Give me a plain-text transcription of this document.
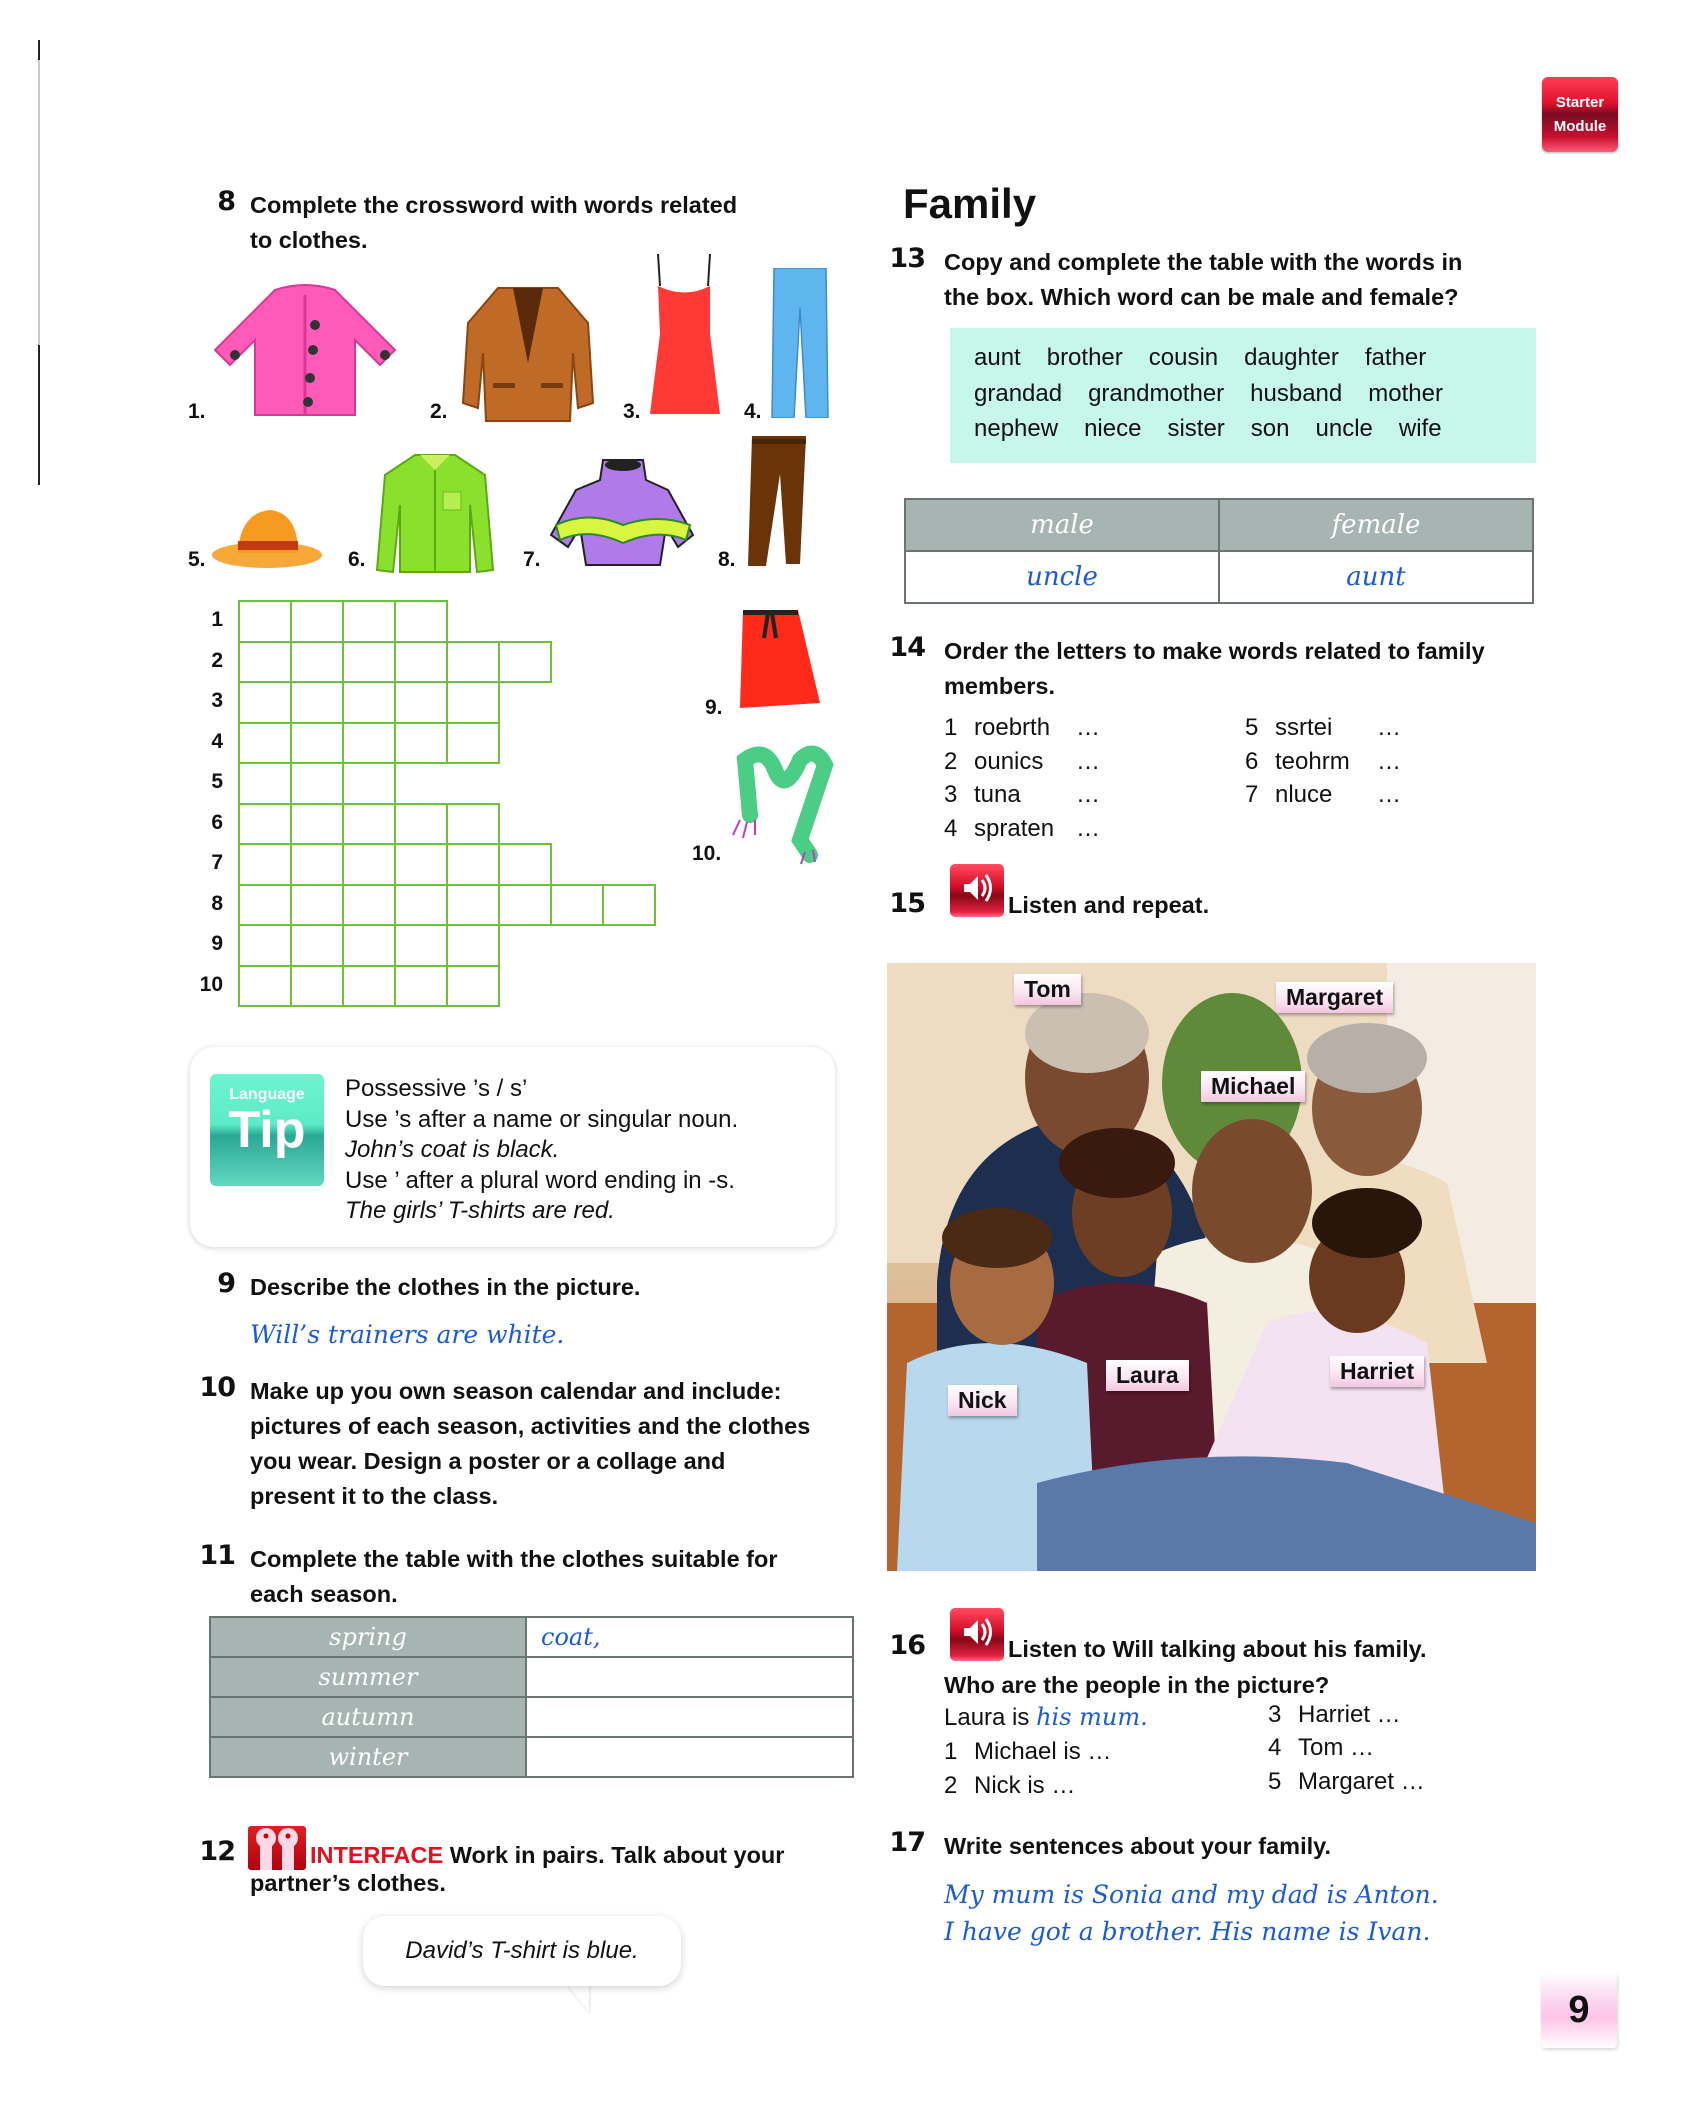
Starter
Module
8 Complete the crossword with words related
to clothes.
1.	2.	3.	4.
5.	6.	7.	8.
9.
10.
1
2
3
4
5
6
7
8
9
10
Language
Tip
Possessive ’s / s’
Use ’s after a name or singular noun.
John’s coat is black.
Use ’ after a plural word ending in -s.
The girls’ T-shirts are red.
9 Describe the clothes in the picture.
Will’s trainers are white.
10 Make up you own season calendar and include:
pictures of each season, activities and the clothes
you wear. Design a poster or a collage and
present it to the class.
11 Complete the table with the clothes suitable for
each season.
spring	coat,
summer	
autumn	
winter	
12	INTERFACE Work in pairs. Talk about your
partner’s clothes.
David’s T-shirt is blue.
Family
13 Copy and complete the table with the words in
the box. Which word can be male and female?
aunt brother cousin daughter father
grandad grandmother husband mother
nephew niece sister son uncle wife
male	female
uncle	aunt
14 Order the letters to make words related to family
members.
1 roebrth …
2 ounics …
3 tuna …
4 spraten …
5 ssrtei …
6 teohrm …
7 nluce …
15	Listen and repeat.
Tom	Margaret
Michael
Laura	Harriet
Nick
16	Listen to Will talking about his family.
Who are the people in the picture?
Laura is his mum.
1 Michael is …
2 Nick is …
3 Harriet …
4 Tom …
5 Margaret …
17 Write sentences about your family.
My mum is Sonia and my dad is Anton.
I have got a brother. His name is Ivan.
9
